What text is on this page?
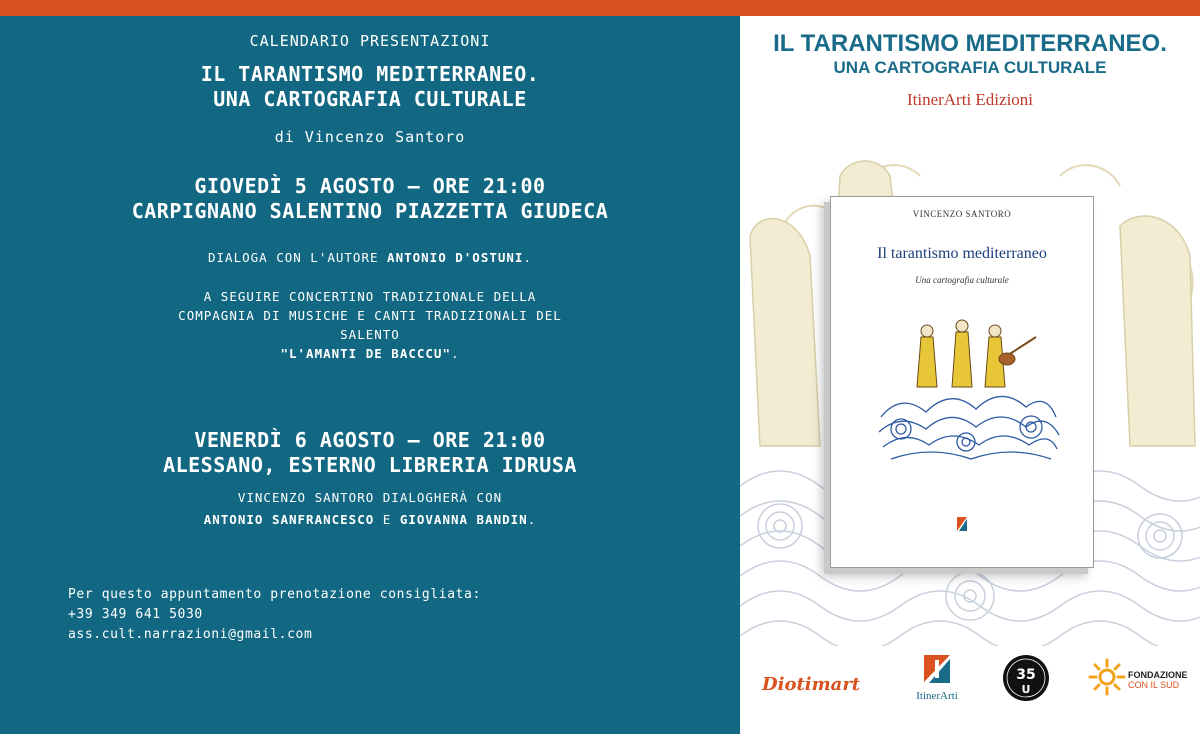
CALENDARIO PRESENTAZIONI
IL TARANTISMO MEDITERRANEO.
UNA CARTOGRAFIA CULTURALE
di Vincenzo Santoro
GIOVEDÌ 5 AGOSTO – ORE 21:00
CARPIGNANO SALENTINO PIAZZETTA GIUDECA
DIALOGA CON L'AUTORE ANTONIO D'OSTUNI.
A SEGUIRE CONCERTINO TRADIZIONALE DELLA
COMPAGNIA DI MUSICHE E CANTI TRADIZIONALI DEL
SALENTO
"L'AMANTI DE BACCCU".
VENERDÌ 6 AGOSTO – ORE 21:00
ALESSANO, ESTERNO LIBRERIA IDRUSA
VINCENZO SANTORO DIALOGHERÀ CON
ANTONIO SANFRANCESCO E GIOVANNA BANDIN.
Per questo appuntamento prenotazione consigliata:
+39 349 641 5030
ass.cult.narrazioni@gmail.com
IL TARANTISMO MEDITERRANEO.
UNA CARTOGRAFIA CULTURALE
ItinerArti Edizioni
VINCENZO SANTORO
Il tarantismo mediterraneo
Una cartografia culturale
Diotimart
ItinerArti
35
U
FONDAZIONE
CON IL SUD
